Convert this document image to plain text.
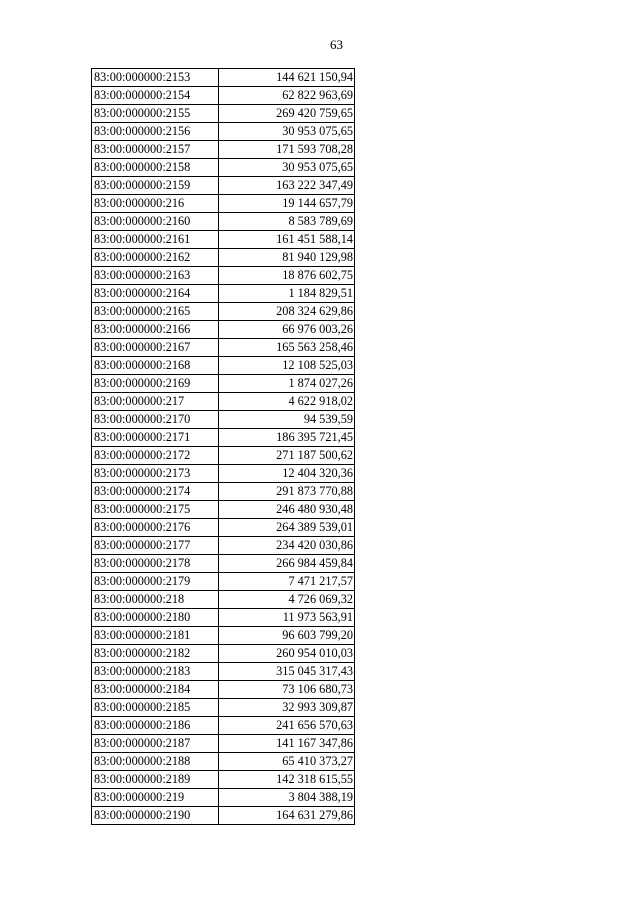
63
83:00:000000:2153	144 621 150,94
83:00:000000:2154	62 822 963,69
83:00:000000:2155	269 420 759,65
83:00:000000:2156	30 953 075,65
83:00:000000:2157	171 593 708,28
83:00:000000:2158	30 953 075,65
83:00:000000:2159	163 222 347,49
83:00:000000:216	19 144 657,79
83:00:000000:2160	8 583 789,69
83:00:000000:2161	161 451 588,14
83:00:000000:2162	81 940 129,98
83:00:000000:2163	18 876 602,75
83:00:000000:2164	1 184 829,51
83:00:000000:2165	208 324 629,86
83:00:000000:2166	66 976 003,26
83:00:000000:2167	165 563 258,46
83:00:000000:2168	12 108 525,03
83:00:000000:2169	1 874 027,26
83:00:000000:217	4 622 918,02
83:00:000000:2170	94 539,59
83:00:000000:2171	186 395 721,45
83:00:000000:2172	271 187 500,62
83:00:000000:2173	12 404 320,36
83:00:000000:2174	291 873 770,88
83:00:000000:2175	246 480 930,48
83:00:000000:2176	264 389 539,01
83:00:000000:2177	234 420 030,86
83:00:000000:2178	266 984 459,84
83:00:000000:2179	7 471 217,57
83:00:000000:218	4 726 069,32
83:00:000000:2180	11 973 563,91
83:00:000000:2181	96 603 799,20
83:00:000000:2182	260 954 010,03
83:00:000000:2183	315 045 317,43
83:00:000000:2184	73 106 680,73
83:00:000000:2185	32 993 309,87
83:00:000000:2186	241 656 570,63
83:00:000000:2187	141 167 347,86
83:00:000000:2188	65 410 373,27
83:00:000000:2189	142 318 615,55
83:00:000000:219	3 804 388,19
83:00:000000:2190	164 631 279,86
